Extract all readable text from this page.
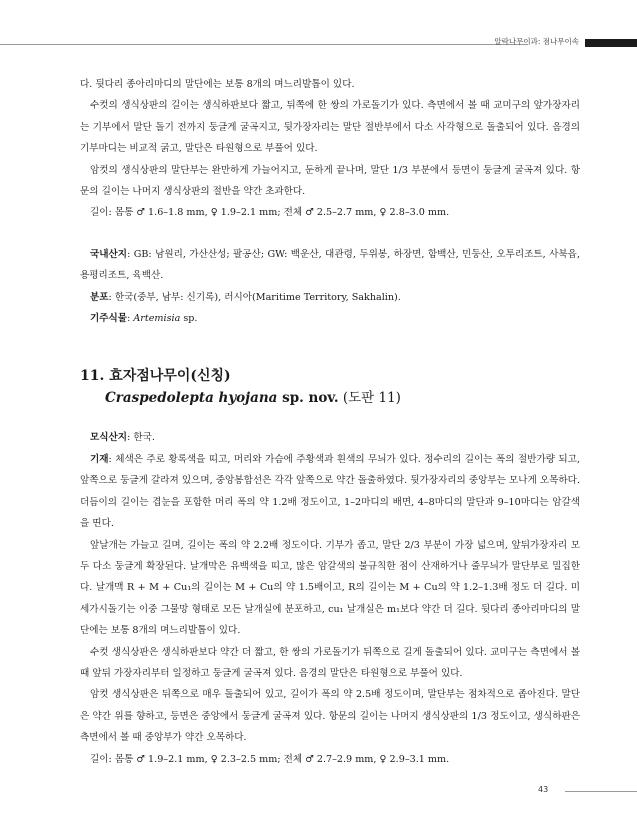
알락나무이과: 점나무이속

다. 뒷다리 종아리마디의 말단에는 보통 8개의 며느리발톱이 있다.

수컷의 생식상판의 길이는 생식하판보다 짧고, 뒤쪽에 한 쌍의 가로돌기가 있다. 측면에서 볼 때 교미구의 앞가장자리는 기부에서 말단 돌기 전까지 둥글게 굴곡지고, 뒷가장자리는 말단 절반부에서 다소 사각형으로 돌출되어 있다. 음경의 기부마디는 비교적 굵고, 말단은 타원형으로 부풀어 있다.

암컷의 생식상판의 말단부는 완만하게 가늘어지고, 둔하게 끝나며, 말단 1/3 부분에서 등면이 둥글게 굴곡져 있다. 항문의 길이는 나머지 생식상판의 절반을 약간 초과한다.

길이: 몸통 ♂ 1.6–1.8 mm, ♀ 1.9–2.1 mm; 전체 ♂ 2.5–2.7 mm, ♀ 2.8–3.0 mm.

국내산지: GB: 남원리, 가산산성; 팔공산; GW: 백운산, 대관령, 두위봉, 하장면, 함백산, 민둥산, 오투리조트, 사북읍, 용평리조트, 육백산.

분포: 한국(중부, 남부: 신기록), 러시아(Maritime Territory, Sakhalin).

기주식물: Artemisia sp.

11. 효자점나무이(신칭)

Craspedolepta hyojana sp. nov. (도판 11)

모식산지: 한국.

기재: 체색은 주로 황록색을 띠고, 머리와 가슴에 주황색과 흰색의 무늬가 있다. 정수리의 길이는 폭의 절반가량 되고, 앞쪽으로 둥글게 갈라져 있으며, 중앙봉합선은 각각 앞쪽으로 약간 돌출하였다. 뒷가장자리의 중앙부는 모나게 오목하다. 더듬이의 길이는 겹눈을 포함한 머리 폭의 약 1.2배 정도이고, 1–2마디의 배면, 4–8마디의 말단과 9–10마디는 암갈색을 띤다.

앞날개는 가늘고 길며, 길이는 폭의 약 2.2배 정도이다. 기부가 좁고, 말단 2/3 부분이 가장 넓으며, 앞뒤가장자리 모두 다소 둥글게 확장된다. 날개막은 유백색을 띠고, 많은 암갈색의 불규칙한 점이 산재하거나 줄무늬가 말단부로 밀집한다. 날개맥 R + M + Cu₁의 길이는 M + Cu의 약 1.5배이고, R의 길이는 M + Cu의 약 1.2–1.3배 정도 더 길다. 미세가시돌기는 이중 그물망 형태로 모든 날개실에 분포하고, cu₁ 날개실은 m₁보다 약간 더 길다. 뒷다리 종아리마디의 말단에는 보통 8개의 며느리발톱이 있다.

수컷 생식상판은 생식하판보다 약간 더 짧고, 한 쌍의 가로돌기가 뒤쪽으로 길게 돌출되어 있다. 교미구는 측면에서 볼 때 앞뒤 가장자리부터 일정하고 둥글게 굴곡져 있다. 음경의 말단은 타원형으로 부풀어 있다.

암컷 생식상판은 뒤쪽으로 매우 돌출되어 있고, 길이가 폭의 약 2.5배 정도이며, 말단부는 점차적으로 좁아진다. 말단은 약간 위를 향하고, 등면은 중앙에서 둥글게 굴곡져 있다. 항문의 길이는 나머지 생식상판의 1/3 정도이고, 생식하판은 측면에서 볼 때 중앙부가 약간 오목하다.

길이: 몸통 ♂ 1.9–2.1 mm, ♀ 2.3–2.5 mm; 전체 ♂ 2.7–2.9 mm, ♀ 2.9–3.1 mm.

43
